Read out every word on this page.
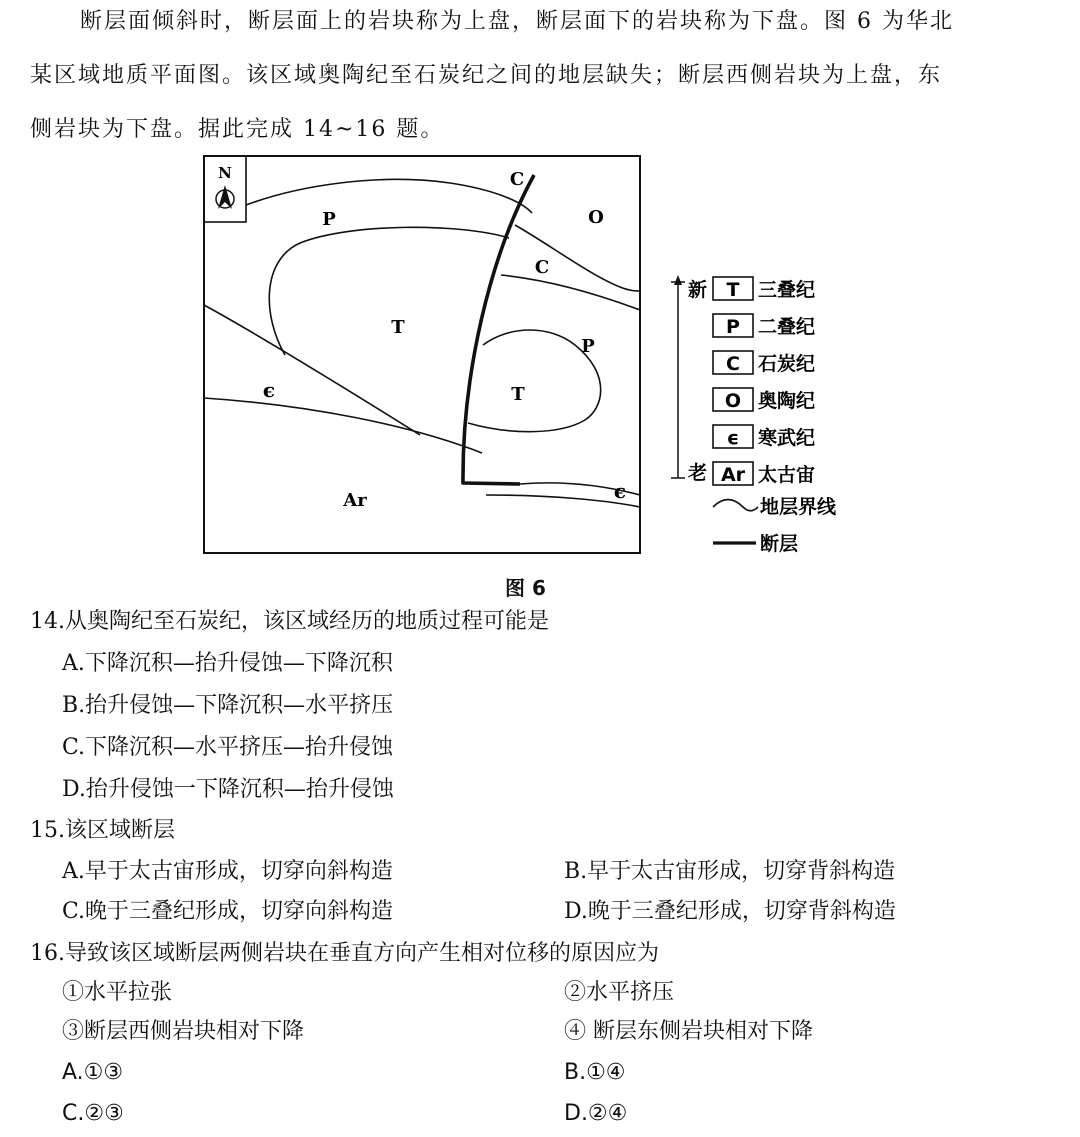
断层面倾斜时，断层面上的岩块称为上盘，断层面下的岩块称为下盘。图 6 为华北
某区域地质平面图。该区域奥陶纪至石炭纪之间的地层缺失；断层西侧岩块为上盘，东
侧岩块为下盘。据此完成 14~16 题。
N	C
O
P
C
T
P
T
ϵ
ϵ
Ar
新
老
T 三叠纪
P 二叠纪
C 石炭纪
O 奥陶纪
ϵ 寒武纪
Ar 太古宙
地层界线
断层
图 6
14.从奥陶纪至石炭纪，该区域经历的地质过程可能是
A.下降沉积—抬升侵蚀—下降沉积
B.抬升侵蚀—下降沉积—水平挤压
C.下降沉积—水平挤压—抬升侵蚀
D.抬升侵蚀一下降沉积—抬升侵蚀
15.该区域断层
A.早于太古宙形成，切穿向斜构造	B.早于太古宙形成，切穿背斜构造
C.晚于三叠纪形成，切穿向斜构造	D.晚于三叠纪形成，切穿背斜构造
16.导致该区域断层两侧岩块在垂直方向产生相对位移的原因应为
①水平拉张	②水平挤压
③断层西侧岩块相对下降	④ 断层东侧岩块相对下降
A.①③	B.①④
C.②③	D.②④
